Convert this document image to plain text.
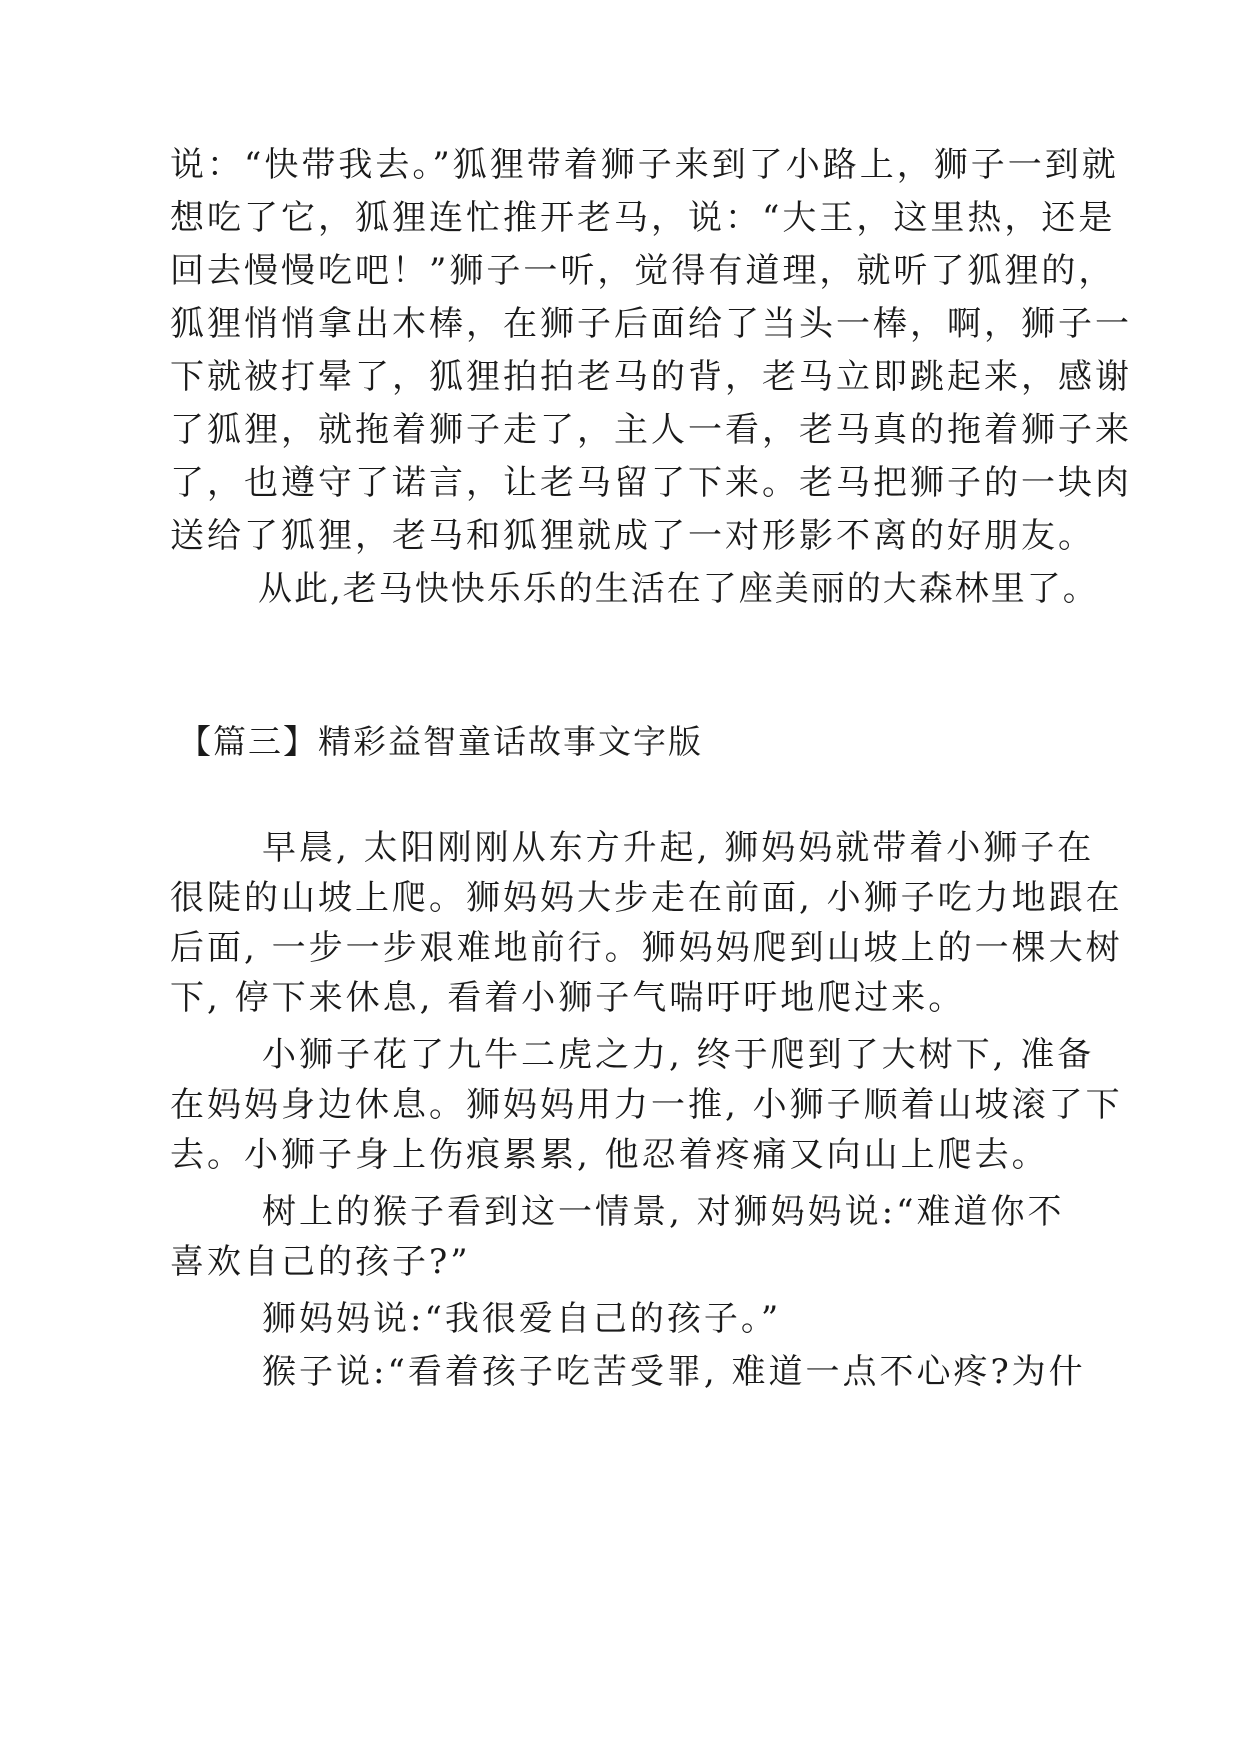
说：“快带我去。”狐狸带着狮子来到了小路上，狮子一到就
想吃了它，狐狸连忙推开老马，说：“大王，这里热，还是
回去慢慢吃吧！”狮子一听，觉得有道理，就听了狐狸的，
狐狸悄悄拿出木棒，在狮子后面给了当头一棒，啊，狮子一
下就被打晕了，狐狸拍拍老马的背，老马立即跳起来，感谢
了狐狸，就拖着狮子走了，主人一看，老马真的拖着狮子来
了，也遵守了诺言，让老马留了下来。老马把狮子的一块肉
送给了狐狸，老马和狐狸就成了一对形影不离的好朋友。
从此,老马快快乐乐的生活在了座美丽的大森林里了。
【篇三】精彩益智童话故事文字版
早晨, 太阳刚刚从东方升起, 狮妈妈就带着小狮子在
很陡的山坡上爬。狮妈妈大步走在前面, 小狮子吃力地跟在
后面, 一步一步艰难地前行。狮妈妈爬到山坡上的一棵大树
下, 停下来休息, 看着小狮子气喘吁吁地爬过来。
小狮子花了九牛二虎之力, 终于爬到了大树下, 准备
在妈妈身边休息。狮妈妈用力一推, 小狮子顺着山坡滚了下
去。小狮子身上伤痕累累, 他忍着疼痛又向山上爬去。
树上的猴子看到这一情景, 对狮妈妈说:“难道你不
喜欢自己的孩子?”
狮妈妈说:“我很爱自己的孩子。”
猴子说:“看着孩子吃苦受罪, 难道一点不心疼?为什
